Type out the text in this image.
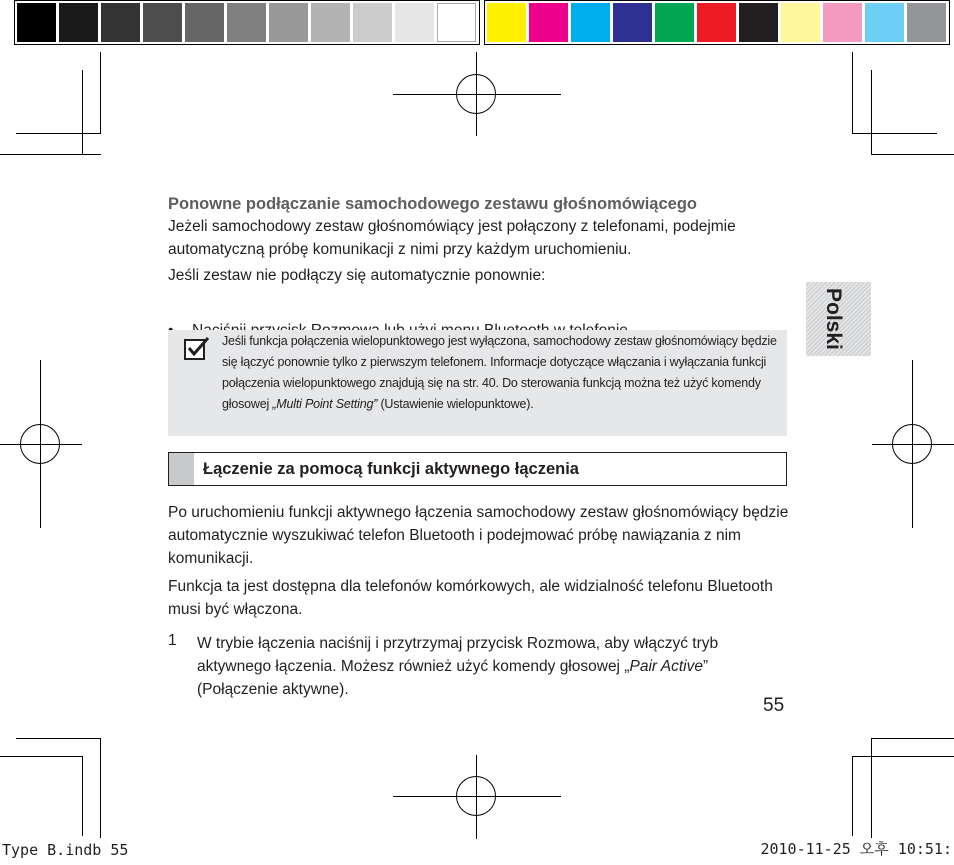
Ponowne podłączanie samochodowego zestawu głośnomówiącego
Jeżeli samochodowy zestaw głośnomówiący jest połączony z telefonami, podejmie automatyczną próbę komunikacji z nimi przy każdym uruchomieniu.
Jeśli zestaw nie podłączy się automatycznie ponownie:
Jeśli funkcja połączenia wielopunktowego jest wyłączona, samochodowy zestaw głośnomówiący będzie się łączyć ponownie tylko z pierwszym telefonem. Informacje dotyczące włączania i wyłączania funkcji połączenia wielopunktowego znajdują się na str. 40. Do sterowania funkcją można też użyć komendy głosowej „Multi Point Setting” (Ustawienie wielopunktowe).
Łączenie za pomocą funkcji aktywnego łączenia
Po uruchomieniu funkcji aktywnego łączenia samochodowy zestaw głośnomówiący będzie automatycznie wyszukiwać telefon Bluetooth i podejmować próbę nawiązania z nim komunikacji.
Funkcja ta jest dostępna dla telefonów komórkowych, ale widzialność telefonu Bluetooth musi być włączona.
1 W trybie łączenia naciśnij i przytrzymaj przycisk Rozmowa, aby włączyć tryb aktywnego łączenia. Możesz również użyć komendy głosowej „Pair Active” (Połączenie aktywne).
55
Polski
Type B.indb 55	2010-11-25 오후 10:51:
